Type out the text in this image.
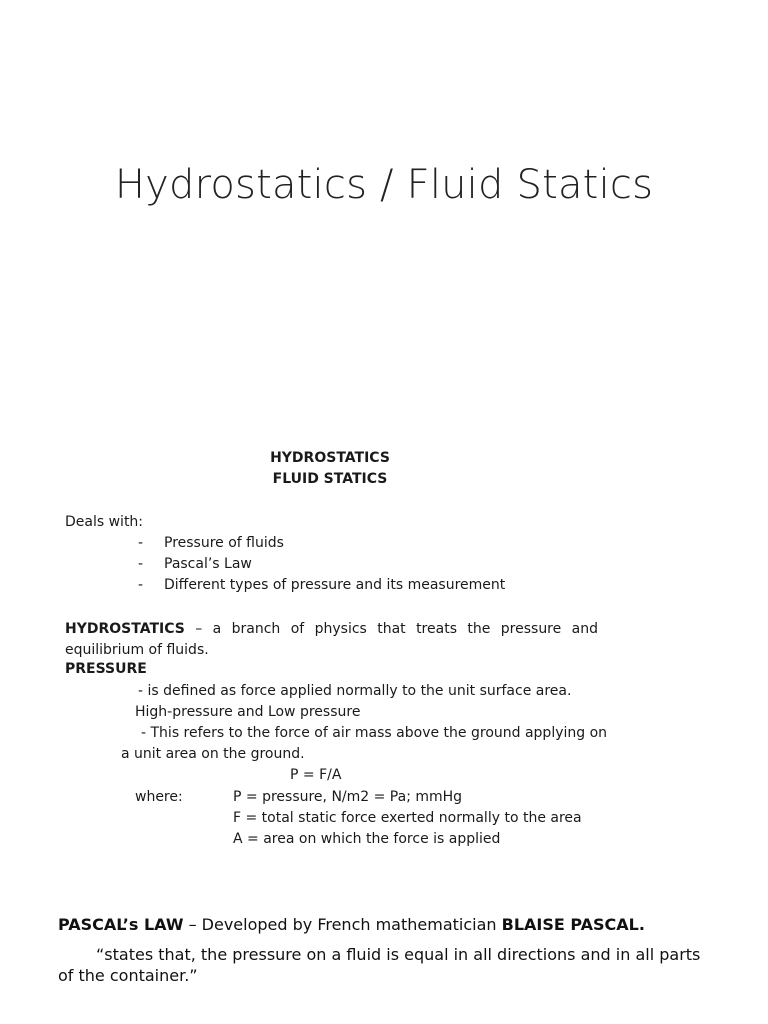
Hydrostatics / Fluid Statics
HYDROSTATICS
FLUID STATICS
Deals with:
- Pressure of fluids
- Pascal’s Law
- Different types of pressure and its measurement
HYDROSTATICS – a branch of physics that treats the pressure and equilibrium of fluids.
PRESSURE
- is defined as force applied normally to the unit surface area.
High-pressure and Low pressure
- This refers to the force of air mass above the ground applying on
a unit area on the ground.
P = F/A
where:	P = pressure, N/m2 = Pa; mmHg
F = total static force exerted normally to the area
A = area on which the force is applied
PASCAL’s LAW – Developed by French mathematician BLAISE PASCAL.
“states that, the pressure on a fluid is equal in all directions and in all parts of the container.”
